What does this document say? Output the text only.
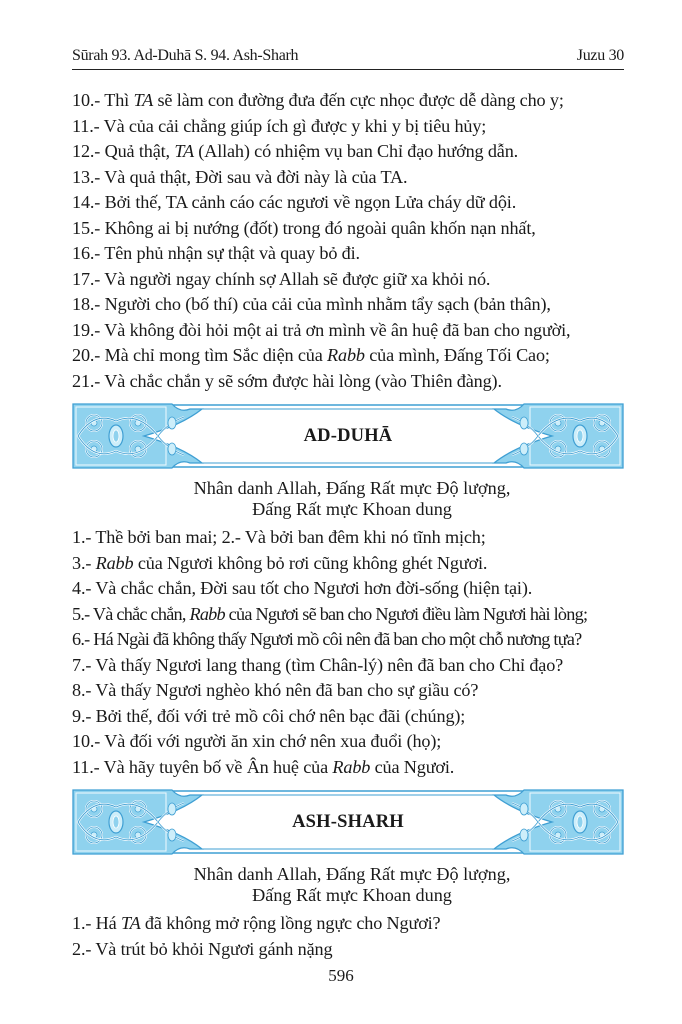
Sūrah 93. Ad-Duhā S. 94. Ash-Sharh	Juzu 30
10.- Thì TA sẽ làm con đường đưa đến cực nhọc được dễ dàng cho y;
11.- Và của cải chẳng giúp ích gì được y khi y bị tiêu hủy;
12.- Quả thật, TA (Allah) có nhiệm vụ ban Chỉ đạo hướng dẫn.
13.- Và quả thật, Đời sau và đời này là của TA.
14.- Bởi thế, TA cảnh cáo các ngươi về ngọn Lửa cháy dữ dội.
15.- Không ai bị nướng (đốt) trong đó ngoài quân khốn nạn nhất,
16.- Tên phủ nhận sự thật và quay bỏ đi.
17.- Và người ngay chính sợ Allah sẽ được giữ xa khỏi nó.
18.- Người cho (bố thí) của cải của mình nhằm tẩy sạch (bản thân),
19.- Và không đòi hỏi một ai trả ơn mình về ân huệ đã ban cho người,
20.- Mà chỉ mong tìm Sắc diện của Rabb của mình, Đấng Tối Cao;
21.- Và chắc chắn y sẽ sớm được hài lòng (vào Thiên đàng).
AD-DUHĀ
Nhân danh Allah, Đấng Rất mực Độ lượng,
Đấng Rất mực Khoan dung
1.- Thề bởi ban mai; 2.- Và bởi ban đêm khi nó tĩnh mịch;
3.- Rabb của Ngươi không bỏ rơi cũng không ghét Ngươi.
4.- Và chắc chắn, Đời sau tốt cho Ngươi hơn đời-sống (hiện tại).
5.- Và chắc chắn, Rabb của Ngươi sẽ ban cho Ngươi điều làm Ngươi hài lòng;
6.- Há Ngài đã không thấy Ngươi mồ côi nên đã ban cho một chỗ nương tựa?
7.- Và thấy Ngươi lang thang (tìm Chân-lý) nên đã ban cho Chỉ đạo?
8.- Và thấy Ngươi nghèo khó nên đã ban cho sự giầu có?
9.- Bởi thế, đối với trẻ mồ côi chớ nên bạc đãi (chúng);
10.- Và đối với người ăn xin chớ nên xua đuổi (họ);
11.- Và hãy tuyên bố về Ân huệ của Rabb của Ngươi.
ASH-SHARH
Nhân danh Allah, Đấng Rất mực Độ lượng,
Đấng Rất mực Khoan dung
1.- Há TA đã không mở rộng lồng ngực cho Ngươi?
2.- Và trút bỏ khỏi Ngươi gánh nặng
596
